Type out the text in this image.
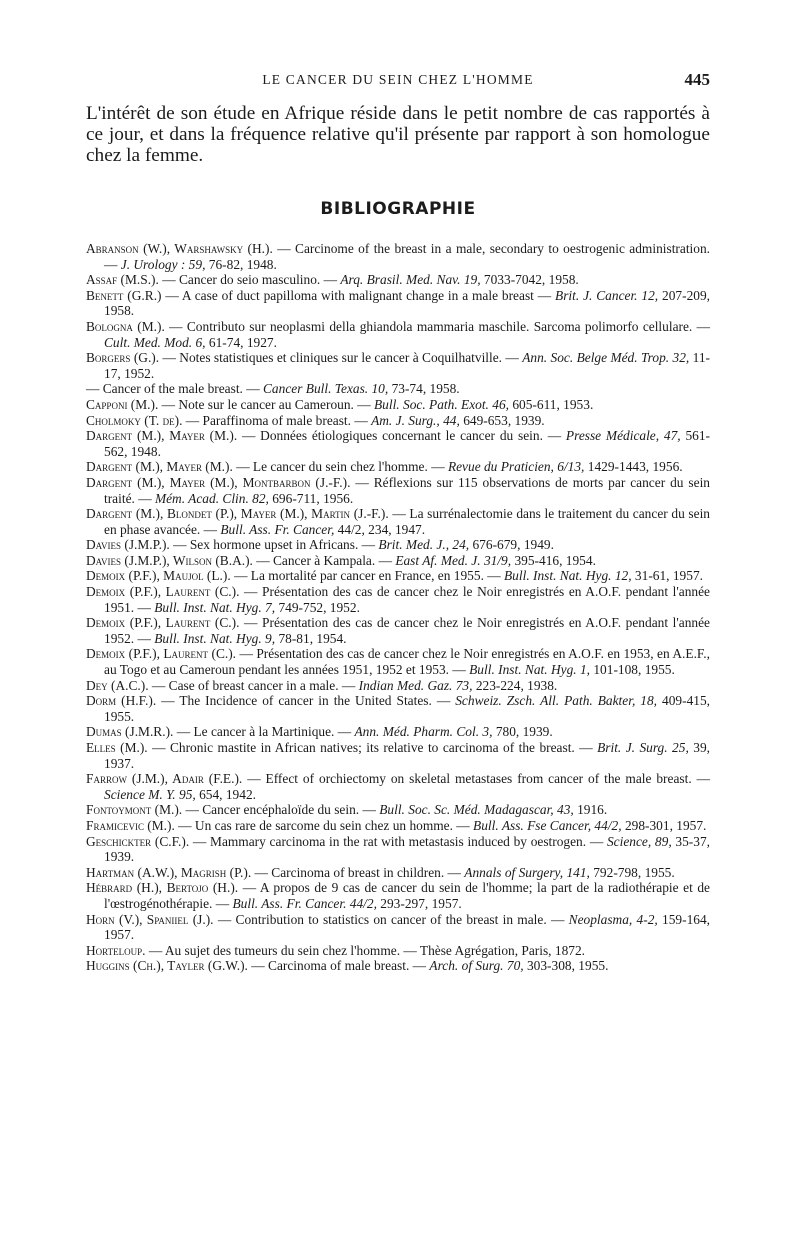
LE CANCER DU SEIN CHEZ L'HOMME	445

L'intérêt de son étude en Afrique réside dans le petit nombre de cas rapportés à ce jour, et dans la fréquence relative qu'il présente par rapport à son homologue chez la femme.

BIBLIOGRAPHIE

Abranson (W.), Warshawsky (H.). — Carcinome of the breast in a male, secondary to oestrogenic administration. — J. Urology : 59, 76-82, 1948.

Assaf (M.S.). — Cancer do seio masculino. — Arq. Brasil. Med. Nav. 19, 7033-7042, 1958.

Benett (G.R.) — A case of duct papilloma with malignant change in a male breast — Brit. J. Cancer. 12, 207-209, 1958.

Bologna (M.). — Contributo sur neoplasmi della ghiandola mammaria maschile. Sarcoma polimorfo cellulare. — Cult. Med. Mod. 6, 61-74, 1927.

Borgers (G.). — Notes statistiques et cliniques sur le cancer à Coquilhatville. — Ann. Soc. Belge Méd. Trop. 32, 11-17, 1952.

— Cancer of the male breast. — Cancer Bull. Texas. 10, 73-74, 1958.

Capponi (M.). — Note sur le cancer au Cameroun. — Bull. Soc. Path. Exot. 46, 605-611, 1953.

Cholmoky (T. de). — Paraffinoma of male breast. — Am. J. Surg., 44, 649-653, 1939.

Dargent (M.), Mayer (M.). — Données étiologiques concernant le cancer du sein. — Presse Médicale, 47, 561-562, 1948.

Dargent (M.), Mayer (M.). — Le cancer du sein chez l'homme. — Revue du Praticien, 6/13, 1429-1443, 1956.

Dargent (M.), Mayer (M.), Montbarbon (J.-F.). — Réflexions sur 115 observations de morts par cancer du sein traité. — Mém. Acad. Clin. 82, 696-711, 1956.

Dargent (M.), Blondet (P.), Mayer (M.), Martin (J.-F.). — La surrénalectomie dans le traitement du cancer du sein en phase avancée. — Bull. Ass. Fr. Cancer, 44/2, 234, 1947.

Davies (J.M.P.). — Sex hormone upset in Africans. — Brit. Med. J., 24, 676-679, 1949.

Davies (J.M.P.), Wilson (B.A.). — Cancer à Kampala. — East Af. Med. J. 31/9, 395-416, 1954.

Demoix (P.F.), Maujol (L.). — La mortalité par cancer en France, en 1955. — Bull. Inst. Nat. Hyg. 12, 31-61, 1957.

Demoix (P.F.), Laurent (C.). — Présentation des cas de cancer chez le Noir enregistrés en A.O.F. pendant l'année 1951. — Bull. Inst. Nat. Hyg. 7, 749-752, 1952.

Demoix (P.F.), Laurent (C.). — Présentation des cas de cancer chez le Noir enregistrés en A.O.F. pendant l'année 1952. — Bull. Inst. Nat. Hyg. 9, 78-81, 1954.

Demoix (P.F.), Laurent (C.). — Présentation des cas de cancer chez le Noir enregistrés en A.O.F. en 1953, en A.E.F., au Togo et au Cameroun pendant les années 1951, 1952 et 1953. — Bull. Inst. Nat. Hyg. 1, 101-108, 1955.

Dey (A.C.). — Case of breast cancer in a male. — Indian Med. Gaz. 73, 223-224, 1938.

Dorm (H.F.). — The Incidence of cancer in the United States. — Schweiz. Zsch. All. Path. Bakter, 18, 409-415, 1955.

Dumas (J.M.R.). — Le cancer à la Martinique. — Ann. Méd. Pharm. Col. 3, 780, 1939.

Elles (M.). — Chronic mastite in African natives; its relative to carcinoma of the breast. — Brit. J. Surg. 25, 39, 1937.

Farrow (J.M.), Adair (F.E.). — Effect of orchiectomy on skeletal metastases from cancer of the male breast. — Science M. Y. 95, 654, 1942.

Fontoymont (M.). — Cancer encéphaloïde du sein. — Bull. Soc. Sc. Méd. Madagascar, 43, 1916.

Framicevic (M.). — Un cas rare de sarcome du sein chez un homme. — Bull. Ass. Fse Cancer, 44/2, 298-301, 1957.

Geschickter (C.F.). — Mammary carcinoma in the rat with metastasis induced by oestrogen. — Science, 89, 35-37, 1939.

Hartman (A.W.), Magrish (P.). — Carcinoma of breast in children. — Annals of Surgery, 141, 792-798, 1955.

Hébrard (H.), Bertojo (H.). — A propos de 9 cas de cancer du sein de l'homme; la part de la radiothérapie et de l'œstrogénothérapie. — Bull. Ass. Fr. Cancer. 44/2, 293-297, 1957.

Horn (V.), Spaniiel (J.). — Contribution to statistics on cancer of the breast in male. — Neoplasma, 4-2, 159-164, 1957.

Horteloup. — Au sujet des tumeurs du sein chez l'homme. — Thèse Agrégation, Paris, 1872.

Huggins (Ch.), Tayler (G.W.). — Carcinoma of male breast. — Arch. of Surg. 70, 303-308, 1955.
